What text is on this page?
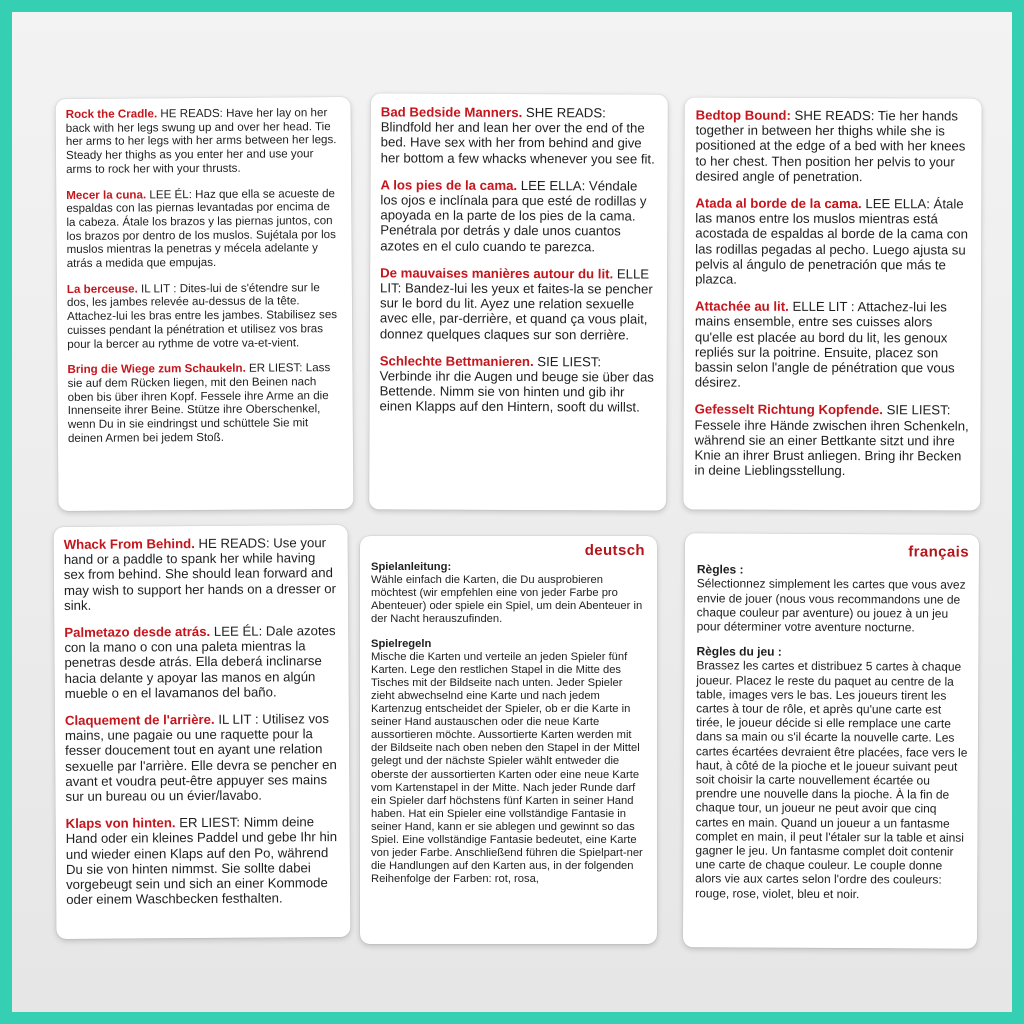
Rock the Cradle. HE READS: Have her lay on her back with her legs swung up and over her head. Tie her arms to her legs with her arms between her legs. Steady her thighs as you enter her and use your arms to rock her with your thrusts.

Mecer la cuna. LEE ÉL: Haz que ella se acueste de espaldas con las piernas levantadas por encima de la cabeza. Átale los brazos y las piernas juntos, con los brazos por dentro de los muslos. Sujétala por los muslos mientras la penetras y mécela adelante y atrás a medida que empujas.

La berceuse. IL LIT : Dites-lui de s'étendre sur le dos, les jambes relevée au-dessus de la tête. Attachez-lui les bras entre les jambes. Stabilisez ses cuisses pendant la pénétration et utilisez vos bras pour la bercer au rythme de votre va-et-vient.

Bring die Wiege zum Schaukeln. ER LIEST: Lass sie auf dem Rücken liegen, mit den Beinen nach oben bis über ihren Kopf. Fessele ihre Arme an die Innenseite ihrer Beine. Stütze ihre Oberschenkel, wenn Du in sie eindringst und schüttele Sie mit deinen Armen bei jedem Stoß.

Bad Bedside Manners. SHE READS: Blindfold her and lean her over the end of the bed. Have sex with her from behind and give her bottom a few whacks whenever you see fit.

A los pies de la cama. LEE ELLA: Véndale los ojos e inclínala para que esté de rodillas y apoyada en la parte de los pies de la cama. Penétrala por detrás y dale unos cuantos azotes en el culo cuando te parezca.

De mauvaises manières autour du lit. ELLE LIT: Bandez-lui les yeux et faites-la se pencher sur le bord du lit. Ayez une relation sexuelle avec elle, par-derrière, et quand ça vous plait, donnez quelques claques sur son derrière.

Schlechte Bettmanieren. SIE LIEST: Verbinde ihr die Augen und beuge sie über das Bettende. Nimm sie von hinten und gib ihr einen Klapps auf den Hintern, sooft du willst.

Bedtop Bound: SHE READS: Tie her hands together in between her thighs while she is positioned at the edge of a bed with her knees to her chest. Then position her pelvis to your desired angle of penetration.

Atada al borde de la cama. LEE ELLA: Átale las manos entre los muslos mientras está acostada de espaldas al borde de la cama con las rodillas pegadas al pecho. Luego ajusta su pelvis al ángulo de penetración que más te plazca.

Attachée au lit. ELLE LIT : Attachez-lui les mains ensemble, entre ses cuisses alors qu'elle est placée au bord du lit, les genoux repliés sur la poitrine. Ensuite, placez son bassin selon l'angle de pénétration que vous désirez.

Gefesselt Richtung Kopfende. SIE LIEST: Fessele ihre Hände zwischen ihren Schenkeln, während sie an einer Bettkante sitzt und ihre Knie an ihrer Brust anliegen. Bring ihr Becken in deine Lieblingsstellung.

Whack From Behind. HE READS: Use your hand or a paddle to spank her while having sex from behind. She should lean forward and may wish to support her hands on a dresser or sink.

Palmetazo desde atrás. LEE ÉL: Dale azotes con la mano o con una paleta mientras la penetras desde atrás. Ella deberá inclinarse hacia delante y apoyar las manos en algún mueble o en el lavamanos del baño.

Claquement de l'arrière. IL LIT : Utilisez vos mains, une pagaie ou une raquette pour la fesser doucement tout en ayant une relation sexuelle par l'arrière. Elle devra se pencher en avant et voudra peut-être appuyer ses mains sur un bureau ou un évier/lavabo.

Klaps von hinten. ER LIEST: Nimm deine Hand oder ein kleines Paddel und gebe Ihr hin und wieder einen Klaps auf den Po, während Du sie von hinten nimmst. Sie sollte dabei vorgebeugt sein und sich an einer Kommode oder einem Waschbecken festhalten.

deutsch

Spielanleitung:

Wähle einfach die Karten, die Du ausprobieren möchtest (wir empfehlen eine von jeder Farbe pro Abenteuer) oder spiele ein Spiel, um dein Abenteuer in der Nacht herauszufinden.

Spielregeln

Mische die Karten und verteile an jeden Spieler fünf Karten. Lege den restlichen Stapel in die Mitte des Tisches mit der Bildseite nach unten. Jeder Spieler zieht abwechselnd eine Karte und nach jedem Kartenzug entscheidet der Spieler, ob er die Karte in seiner Hand austauschen oder die neue Karte aussortieren möchte. Aussortierte Karten werden mit der Bildseite nach oben neben den Stapel in der Mittel gelegt und der nächste Spieler wählt entweder die oberste der aussortierten Karten oder eine neue Karte vom Kartenstapel in der Mitte. Nach jeder Runde darf ein Spieler darf höchstens fünf Karten in seiner Hand haben. Hat ein Spieler eine vollständige Fantasie in seiner Hand, kann er sie ablegen und gewinnt so das Spiel. Eine vollständige Fantasie bedeutet, eine Karte von jeder Farbe. Anschließend führen die Spielpart-ner die Handlungen auf den Karten aus, in der folgenden Reihenfolge der Farben: rot, rosa,

français

Règles :

Sélectionnez simplement les cartes que vous avez envie de jouer (nous vous recommandons une de chaque couleur par aventure) ou jouez à un jeu pour déterminer votre aventure nocturne.

Règles du jeu :

Brassez les cartes et distribuez 5 cartes à chaque joueur. Placez le reste du paquet au centre de la table, images vers le bas. Les joueurs tirent les cartes à tour de rôle, et après qu'une carte est tirée, le joueur décide si elle remplace une carte dans sa main ou s'il écarte la nouvelle carte. Les cartes écartées devraient être placées, face vers le haut, à côté de la pioche et le joueur suivant peut soit choisir la carte nouvellement écartée ou prendre une nouvelle dans la pioche. À la fin de chaque tour, un joueur ne peut avoir que cinq cartes en main. Quand un joueur a un fantasme complet en main, il peut l'étaler sur la table et ainsi gagner le jeu. Un fantasme complet doit contenir une carte de chaque couleur. Le couple donne alors vie aux cartes selon l'ordre des couleurs: rouge, rose, violet, bleu et noir.
